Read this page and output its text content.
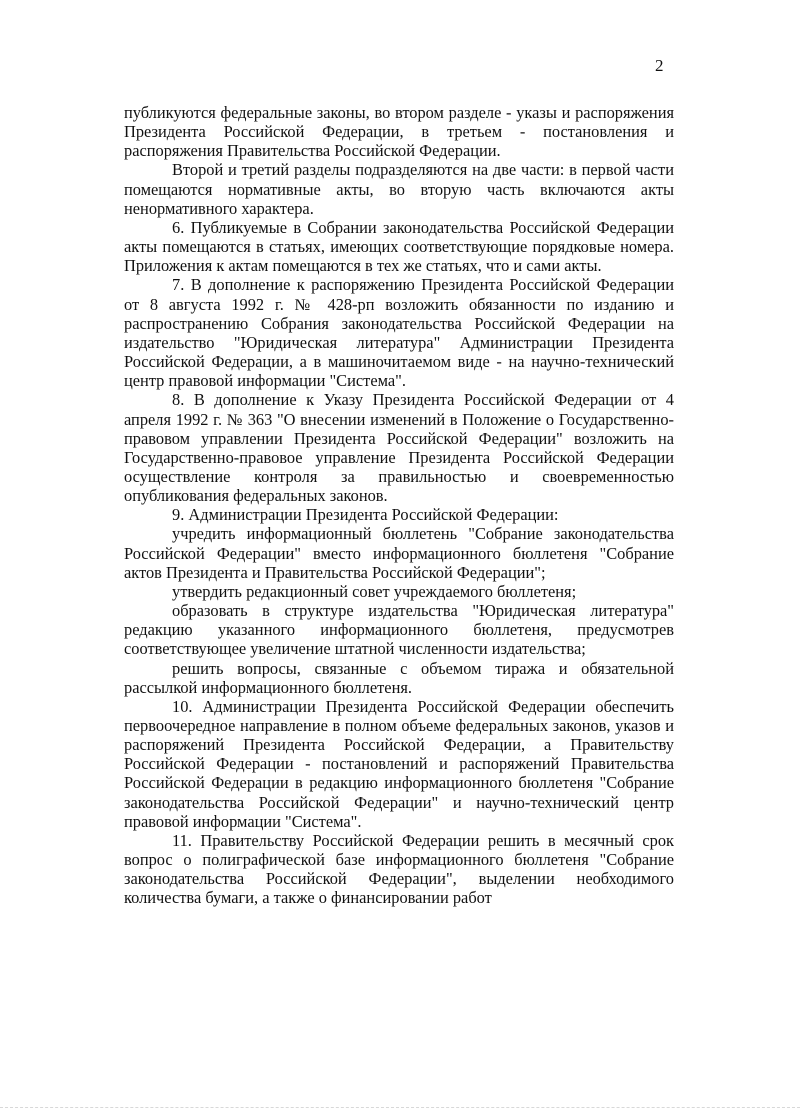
2

публикуются федеральные законы, во втором разделе - указы и распоряжения Президента Российской Федерации, в третьем - постановления и распоряжения Правительства Российской Федерации.

Второй и третий разделы подразделяются на две части: в первой части помещаются нормативные акты, во вторую часть включаются акты ненормативного характера.

6. Публикуемые в Собрании законодательства Российской Федерации акты помещаются в статьях, имеющих соответствующие порядковые номера. Приложения к актам помещаются в тех же статьях, что и сами акты.

7. В дополнение к распоряжению Президента Российской Федерации от 8 августа 1992 г. № 428-рп возложить обязанности по изданию и распространению Собрания законодательства Российской Федерации на издательство "Юридическая литература" Администрации Президента Российской Федерации, а в машиночитаемом виде - на научно-технический центр правовой информации "Система".

8. В дополнение к Указу Президента Российской Федерации от 4 апреля 1992 г. № 363 "О внесении изменений в Положение о Государственно-правовом управлении Президента Российской Федерации" возложить на Государственно-правовое управление Президента Российской Федерации осуществление контроля за правильностью и своевременностью опубликования федеральных законов.

9. Администрации Президента Российской Федерации:

учредить информационный бюллетень "Собрание законодательства Российской Федерации" вместо информационного бюллетеня "Собрание актов Президента и Правительства Российской Федерации";

утвердить редакционный совет учреждаемого бюллетеня;

образовать в структуре издательства "Юридическая литература" редакцию указанного информационного бюллетеня, предусмотрев соответствующее увеличение штатной численности издательства;

решить вопросы, связанные с объемом тиража и обязательной рассылкой информационного бюллетеня.

10. Администрации Президента Российской Федерации обеспечить первоочередное направление в полном объеме федеральных законов, указов и распоряжений Президента Российской Федерации, а Правительству Российской Федерации - постановлений и распоряжений Правительства Российской Федерации в редакцию информационного бюллетеня "Собрание законодательства Российской Федерации" и научно-технический центр правовой информации "Система".

11. Правительству Российской Федерации решить в месячный срок вопрос о полиграфической базе информационного бюллетеня "Собрание законодательства Российской Федерации", выделении необходимого количества бумаги, а также о финансировании работ
